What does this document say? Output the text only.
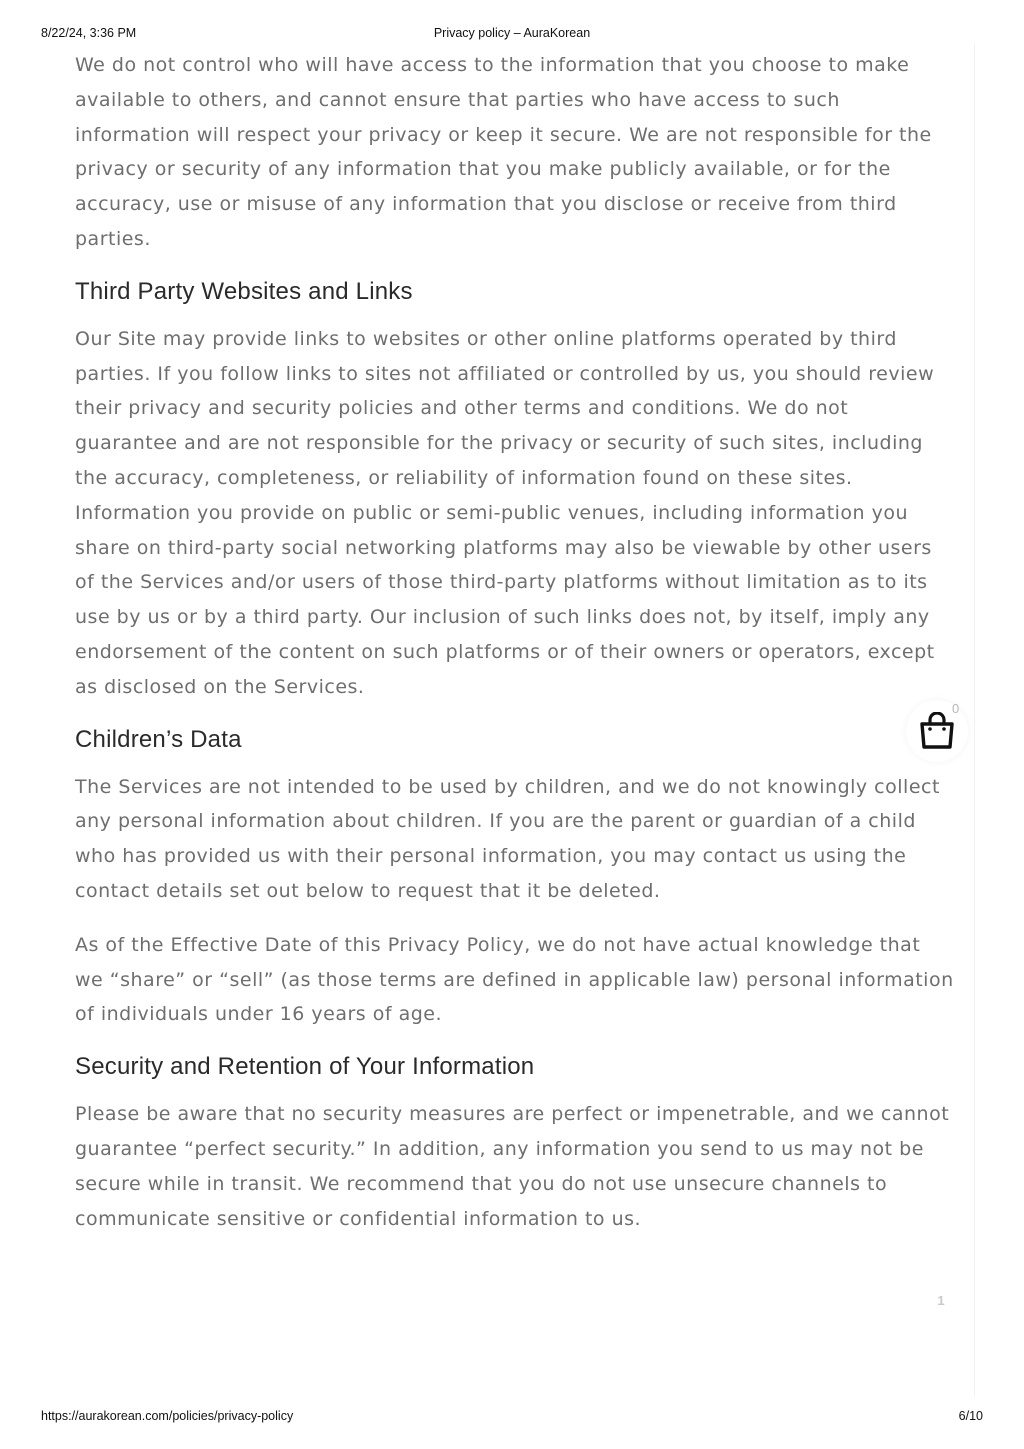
8/22/24, 3:36 PM	Privacy policy – AuraKorean

We do not control who will have access to the information that you choose to make available to others, and cannot ensure that parties who have access to such information will respect your privacy or keep it secure. We are not responsible for the privacy or security of any information that you make publicly available, or for the accuracy, use or misuse of any information that you disclose or receive from third parties.

Third Party Websites and Links

Our Site may provide links to websites or other online platforms operated by third parties. If you follow links to sites not affiliated or controlled by us, you should review their privacy and security policies and other terms and conditions. We do not guarantee and are not responsible for the privacy or security of such sites, including the accuracy, completeness, or reliability of information found on these sites. Information you provide on public or semi-public venues, including information you share on third-party social networking platforms may also be viewable by other users of the Services and/or users of those third-party platforms without limitation as to its use by us or by a third party. Our inclusion of such links does not, by itself, imply any endorsement of the content on such platforms or of their owners or operators, except as disclosed on the Services.

Children’s Data

The Services are not intended to be used by children, and we do not knowingly collect any personal information about children. If you are the parent or guardian of a child who has provided us with their personal information, you may contact us using the contact details set out below to request that it be deleted.

As of the Effective Date of this Privacy Policy, we do not have actual knowledge that we “share” or “sell” (as those terms are defined in applicable law) personal information of individuals under 16 years of age.

Security and Retention of Your Information

Please be aware that no security measures are perfect or impenetrable, and we cannot guarantee “perfect security.” In addition, any information you send to us may not be secure while in transit. We recommend that you do not use unsecure channels to communicate sensitive or confidential information to us.

0
1
https://aurakorean.com/policies/privacy-policy	6/10
